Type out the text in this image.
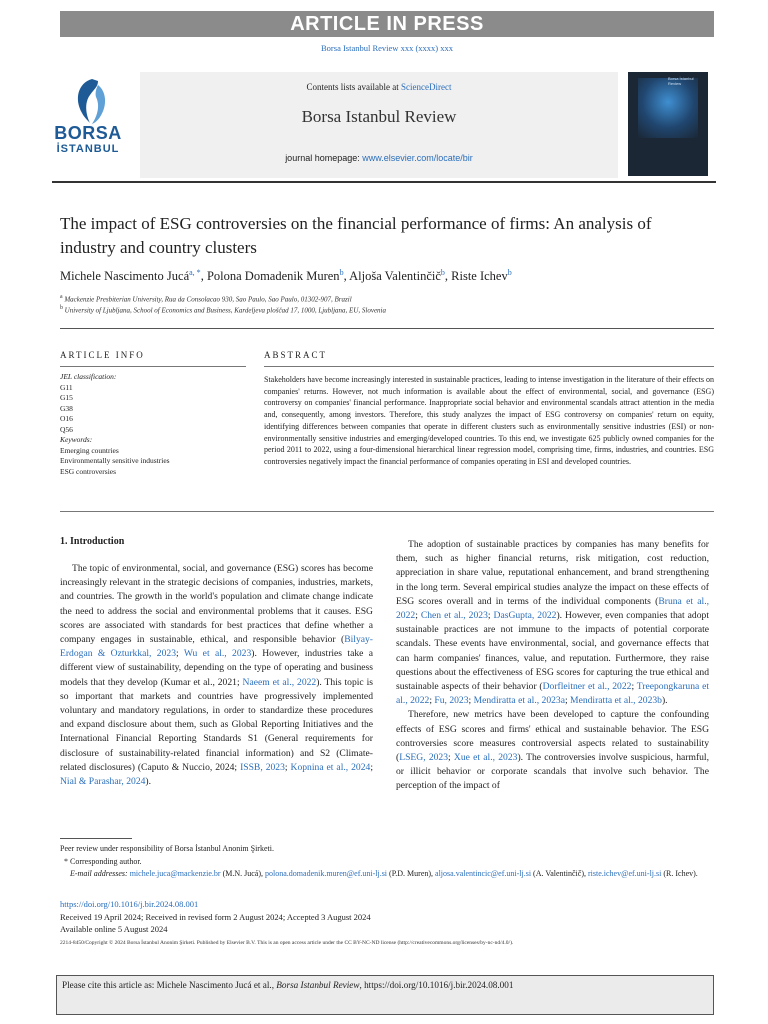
ARTICLE IN PRESS
Borsa Istanbul Review xxx (xxxx) xxx
BORSA
İSTANBUL
Contents lists available at ScienceDirect
Borsa Istanbul Review
journal homepage: www.elsevier.com/locate/bir
Borsa İstanbul Review
The impact of ESG controversies on the financial performance of firms: An analysis of industry and country clusters
Michele Nascimento Jucá$^{a, *}$, Polona Domadenik Muren$^b$, Aljoša Valentinčič$^b$, Riste Ichev$^b$
$^a$ Mackenzie Presbiterian University, Rua da Consolacao 930, Sao Paulo, Sao Paulo, 01302-907, Brazil
$^b$ University of Ljubljana, School of Economics and Business, Kardeljeva ploščad 17, 1000, Ljubljana, EU, Slovenia
ARTICLE INFO	ABSTRACT
JEL classification:
G11
G15
G38
O16
Q56
Keywords:
Emerging countries
Environmentally sensitive industries
ESG controversies
Stakeholders have become increasingly interested in sustainable practices, leading to intense investigation in the literature of their effects on companies' returns. However, not much information is available about the effect of environmental, social, and governance (ESG) controversy on companies' financial performance. Inappropriate social behavior and environmental scandals attract attention in the media and, consequently, among investors. Therefore, this study analyzes the impact of ESG controversy on companies' return on equity, identifying differences between companies that operate in different clusters such as environmentally sensitive industries (ESI) or non-environmentally sensitive industries and emerging/developed countries. To this end, we investigate 625 publicly owned companies for the period 2011 to 2022, using a four-dimensional hierarchical linear regression model, comprising time, firms, industries, and countries. ESG controversies negatively impact the financial performance of companies operating in ESI and developed countries.
1. Introduction

The topic of environmental, social, and governance (ESG) scores has become increasingly relevant in the strategic decisions of companies, industries, markets, and countries. The growth in the world's population and climate change indicate the need to address the social and environmental problems that it causes. ESG scores are associated with standards for best practices that define whether a company engages in sustainable, ethical, and responsible behavior (Bilyay-Erdogan & Ozturkkal, 2023; Wu et al., 2023). However, industries take a different view of sustainability, depending on the type of operating and business models that they develop (Kumar et al., 2021; Naeem et al., 2022). This topic is so important that markets and countries have progressively implemented voluntary and mandatory regulations, in order to standardize these procedures and expand disclosure about them, such as Global Reporting Initiatives and the International Financial Reporting Standards S1 (General requirements for disclosure of sustainability-related financial information) and S2 (Climate-related disclosures) (Caputo & Nuccio, 2024; ISSB, 2023; Kopnina et al., 2024; Nial & Parashar, 2024).

The adoption of sustainable practices by companies has many benefits for them, such as higher financial returns, risk mitigation, cost reduction, appreciation in share value, reputational enhancement, and brand strengthening in the long term. Several empirical studies analyze the impact on these effects of ESG scores overall and in terms of the individual components (Bruna et al., 2022; Chen et al., 2023; DasGupta, 2022). However, even companies that adopt sustainable practices are not immune to the impacts of potential corporate scandals. These events have environmental, social, and governance effects that can harm companies' finances, value, and reputation. Furthermore, they raise questions about the effectiveness of ESG scores for capturing the true ethical and sustainable aspects of their behavior (Dorfleitner et al., 2022; Treepongkaruna et al., 2022; Fu, 2023; Mendiratta et al., 2023a; Mendiratta et al., 2023b).

Therefore, new metrics have been developed to capture the confounding effects of ESG scores and firms' ethical and sustainable behavior. The ESG controversies score measures controversial aspects related to sustainability (LSEG, 2023; Xue et al., 2023). The controversies involve suspicious, harmful, or illicit behavior or corporate scandals that involve such behavior. The perception of the impact of

Peer review under responsibility of Borsa İstanbul Anonim Şirketi.
* Corresponding author.
E-mail addresses: michele.juca@mackenzie.br (M.N. Jucá), polona.domadenik.muren@ef.uni-lj.si (P.D. Muren), aljosa.valentincic@ef.uni-lj.si (A. Valentinčič), riste.ichev@ef.uni-lj.si (R. Ichev).
https://doi.org/10.1016/j.bir.2024.08.001
Received 19 April 2024; Received in revised form 2 August 2024; Accepted 3 August 2024
Available online 5 August 2024
2214-8450/Copyright © 2024 Borsa İstanbul Anonim Şirketi. Published by Elsevier B.V. This is an open access article under the CC BY-NC-ND license (http://creativecommons.org/licenses/by-nc-nd/4.0/).
Please cite this article as: Michele Nascimento Jucá et al., Borsa Istanbul Review, https://doi.org/10.1016/j.bir.2024.08.001
